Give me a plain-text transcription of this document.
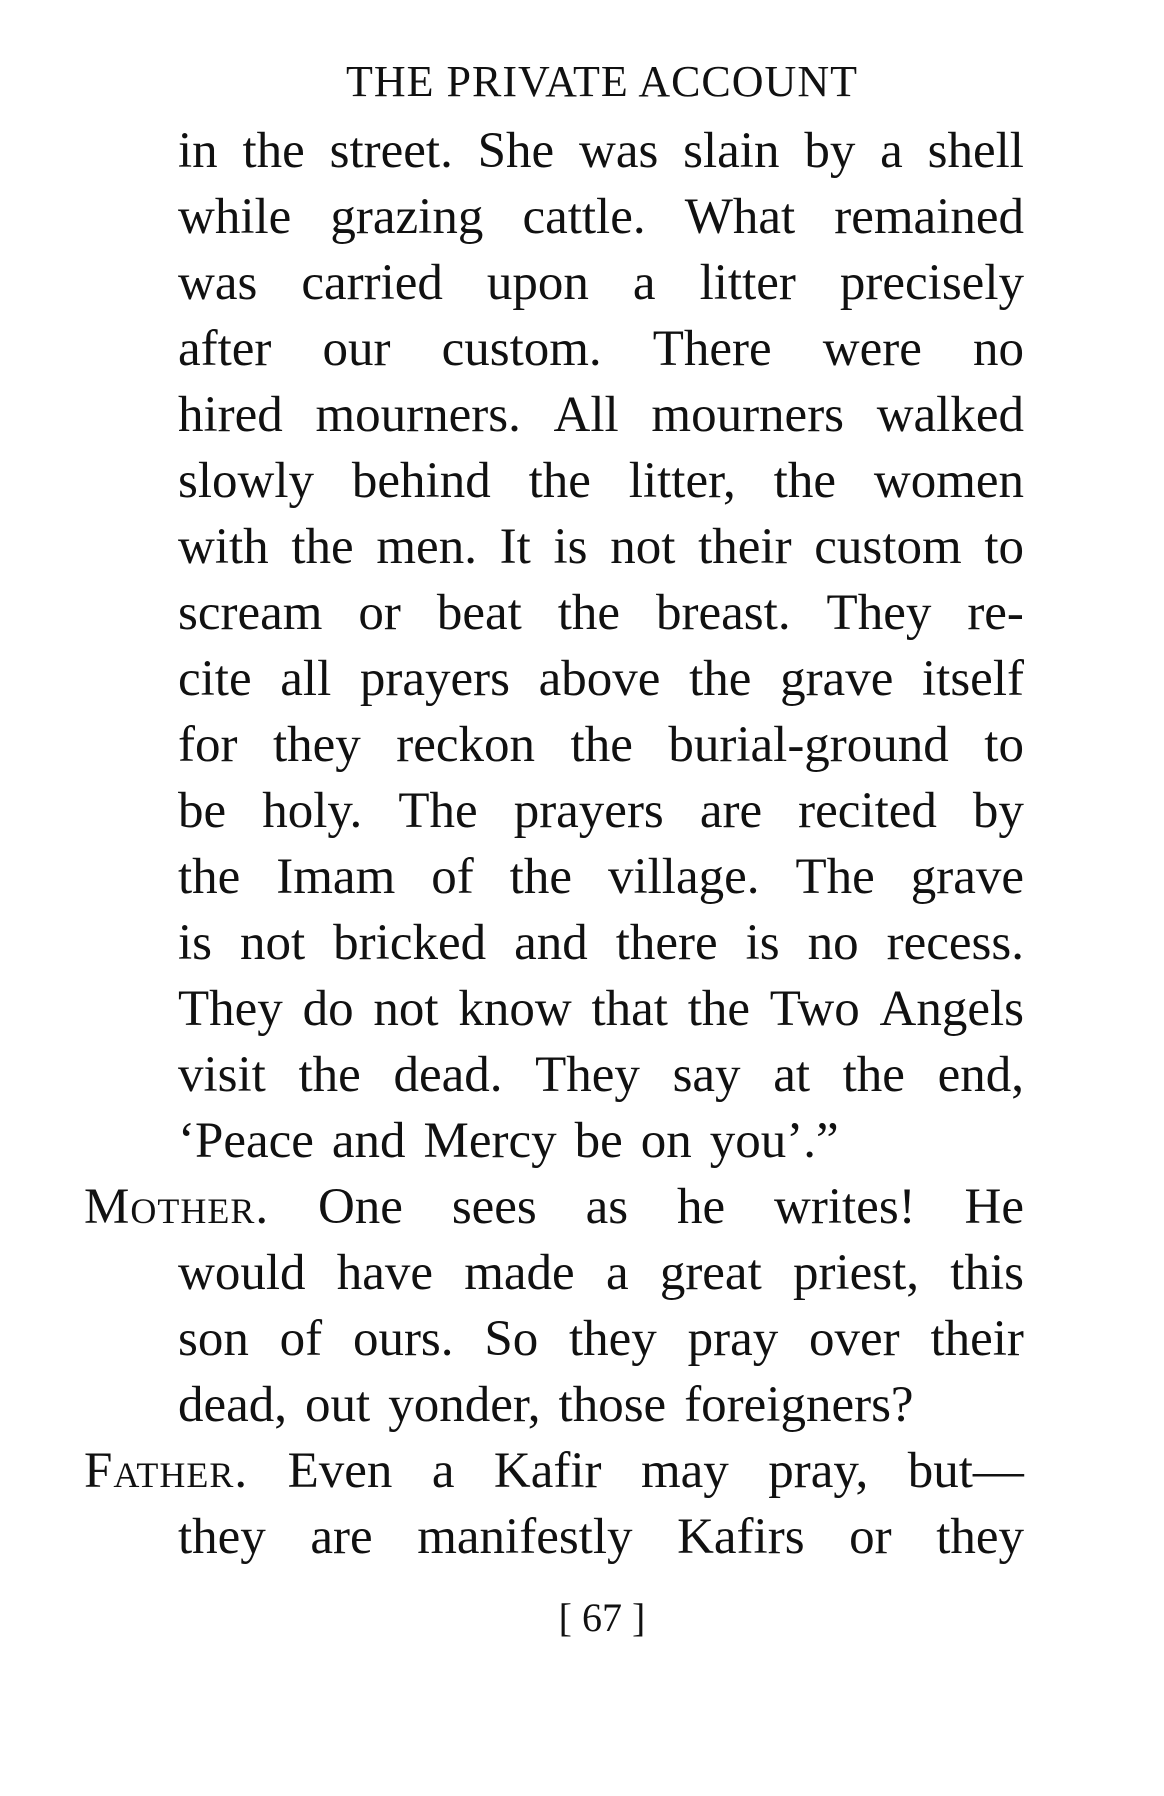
THE PRIVATE ACCOUNT
in the street. She was slain by a shell
while grazing cattle. What remained
was carried upon a litter precisely
after our custom. There were no
hired mourners. All mourners walked
slowly behind the litter, the women
with the men. It is not their custom to
scream or beat the breast. They re-
cite all prayers above the grave itself
for they reckon the burial-ground to
be holy. The prayers are recited by
the Imam of the village. The grave
is not bricked and there is no recess.
They do not know that the Two Angels
visit the dead. They say at the end,
‘Peace and Mercy be on you’.”
Mother. One sees as he writes! He
would have made a great priest, this
son of ours. So they pray over their
dead, out yonder, those foreigners?
Father. Even a Kafir may pray, but—
they are manifestly Kafirs or they
[ 67 ]
